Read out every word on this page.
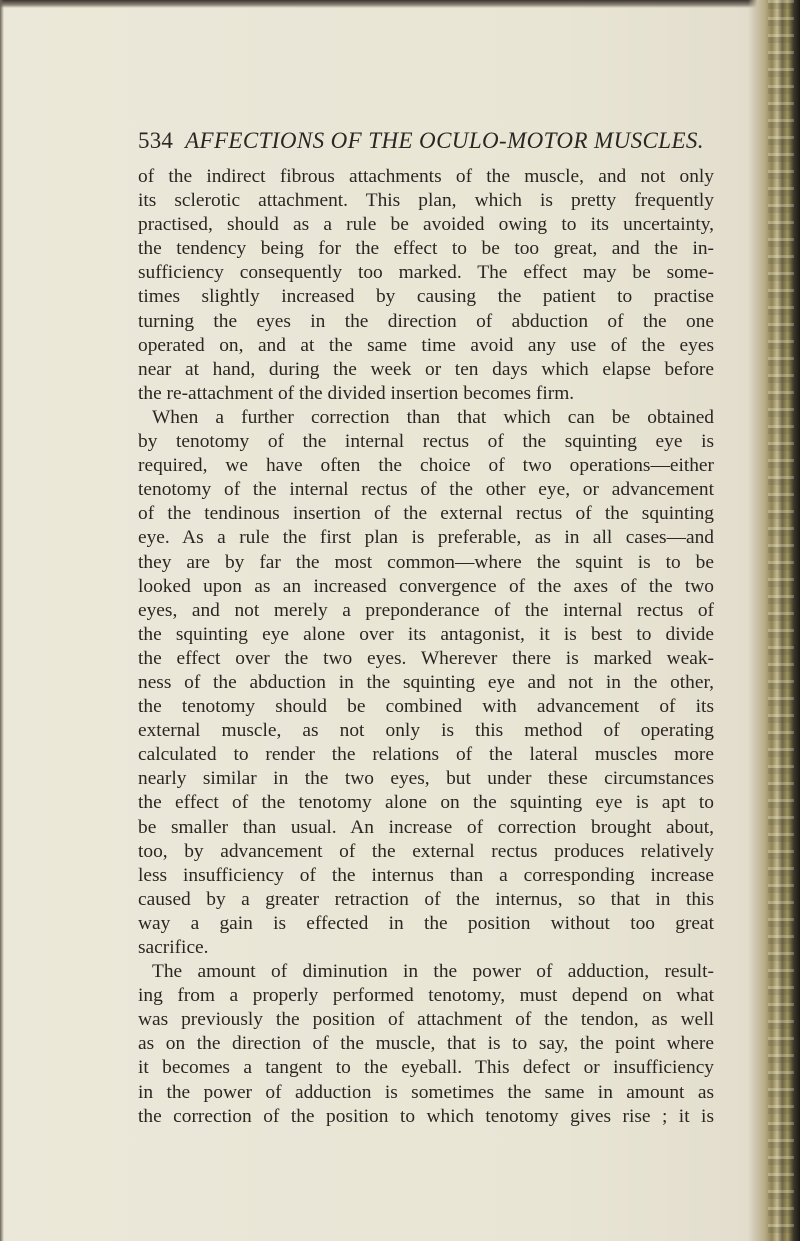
534 AFFECTIONS OF THE OCULO-MOTOR MUSCLES.
of the indirect fibrous attachments of the muscle, and not only
its sclerotic attachment. This plan, which is pretty frequently
practised, should as a rule be avoided owing to its uncertainty,
the tendency being for the effect to be too great, and the in-
sufficiency consequently too marked. The effect may be some-
times slightly increased by causing the patient to practise
turning the eyes in the direction of abduction of the one
operated on, and at the same time avoid any use of the eyes
near at hand, during the week or ten days which elapse before
the re-attachment of the divided insertion becomes firm.
When a further correction than that which can be obtained
by tenotomy of the internal rectus of the squinting eye is
required, we have often the choice of two operations—either
tenotomy of the internal rectus of the other eye, or advancement
of the tendinous insertion of the external rectus of the squinting
eye. As a rule the first plan is preferable, as in all cases—and
they are by far the most common—where the squint is to be
looked upon as an increased convergence of the axes of the two
eyes, and not merely a preponderance of the internal rectus of
the squinting eye alone over its antagonist, it is best to divide
the effect over the two eyes. Wherever there is marked weak-
ness of the abduction in the squinting eye and not in the other,
the tenotomy should be combined with advancement of its
external muscle, as not only is this method of operating
calculated to render the relations of the lateral muscles more
nearly similar in the two eyes, but under these circumstances
the effect of the tenotomy alone on the squinting eye is apt to
be smaller than usual. An increase of correction brought about,
too, by advancement of the external rectus produces relatively
less insufficiency of the internus than a corresponding increase
caused by a greater retraction of the internus, so that in this
way a gain is effected in the position without too great
sacrifice.
The amount of diminution in the power of adduction, result-
ing from a properly performed tenotomy, must depend on what
was previously the position of attachment of the tendon, as well
as on the direction of the muscle, that is to say, the point where
it becomes a tangent to the eyeball. This defect or insufficiency
in the power of adduction is sometimes the same in amount as
the correction of the position to which tenotomy gives rise ; it is
